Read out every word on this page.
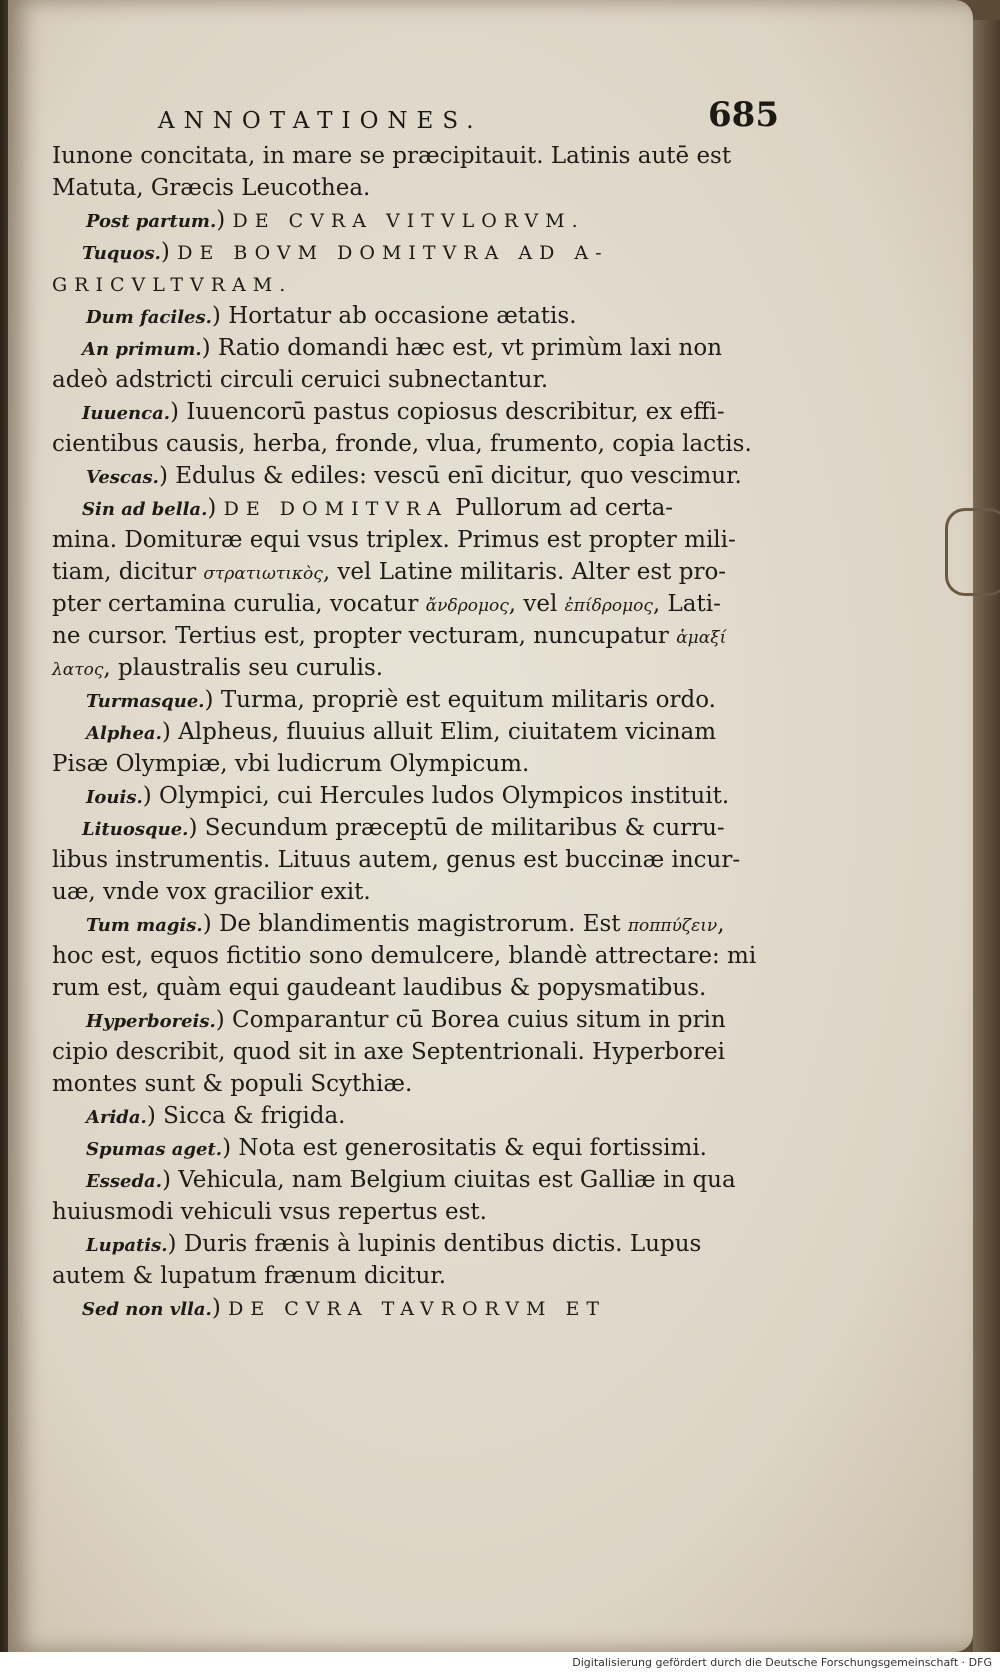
ANNOTATIONES.	685
Iunone concitata, in mare se præcipitauit. Latinis autē est
Matuta, Græcis Leucothea.
Post partum.) DE CVRA VITVLORVM.
Tuquos.) DE BOVM DOMITVRA AD A-
GRICVLTVRAM.
Dum faciles.) Hortatur ab occasione ætatis.
An primum.) Ratio domandi hæc est, vt primùm laxi non
adeò adstricti circuli ceruici subnectantur.
Iuuenca.) Iuuencorū pastus copiosus describitur, ex effi-
cientibus causis, herba, fronde, vlua, frumento, copia lactis.
Vescas.) Edulus & ediles: vescū enī dicitur, quo vescimur.
Sin ad bella.) DE DOMITVRA Pullorum ad certa-
mina. Domituræ equi vsus triplex. Primus est propter mili-
tiam, dicitur στρατιωτικὸς, vel Latine militaris. Alter est pro-
pter certamina curulia, vocatur ἄνδρομος, vel ἐπίδρομος, Lati-
ne cursor. Tertius est, propter vecturam, nuncupatur ἁμαξί
λατος, plaustralis seu curulis.
Turmasque.) Turma, propriè est equitum militaris ordo.
Alphea.) Alpheus, fluuius alluit Elim, ciuitatem vicinam
Pisæ Olympiæ, vbi ludicrum Olympicum.
Iouis.) Olympici, cui Hercules ludos Olympicos instituit.
Lituosque.) Secundum præceptū de militaribus & curru-
libus instrumentis. Lituus autem, genus est buccinæ incur-
uæ, vnde vox gracilior exit.
Tum magis.) De blandimentis magistrorum. Est ποππύζειν,
hoc est, equos fictitio sono demulcere, blandè attrectare: mi
rum est, quàm equi gaudeant laudibus & popysmatibus.
Hyperboreis.) Comparantur cū Borea cuius situm in prin
cipio describit, quod sit in axe Septentrionali. Hyperborei
montes sunt & populi Scythiæ.
Arida.) Sicca & frigida.
Spumas aget.) Nota est generositatis & equi fortissimi.
Esseda.) Vehicula, nam Belgium ciuitas est Galliæ in qua
huiusmodi vehiculi vsus repertus est.
Lupatis.) Duris frænis à lupinis dentibus dictis. Lupus
autem & lupatum frænum dicitur.
Sed non vlla.) DE CVRA TAVRORVM ET
Digitalisierung gefördert durch die Deutsche Forschungsgemeinschaft · DFG
